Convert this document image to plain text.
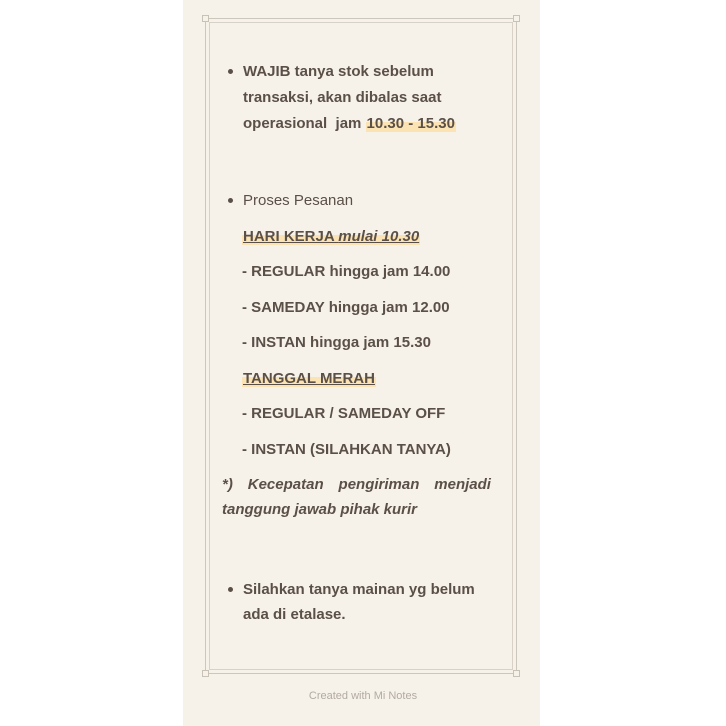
WAJIB tanya stok sebelum
transaksi, akan dibalas saat
operasional  jam 10.30 - 15.30
Proses Pesanan
HARI KERJA mulai 10.30
- REGULAR hingga jam 14.00
- SAMEDAY hingga jam 12.00
- INSTAN hingga jam 15.30
TANGGAL MERAH
- REGULAR / SAMEDAY OFF
- INSTAN (SILAHKAN TANYA)
*) Kecepatan pengiriman menjadi
tanggung jawab pihak kurir
Silahkan tanya mainan yg belum
ada di etalase.
Created with Mi Notes
